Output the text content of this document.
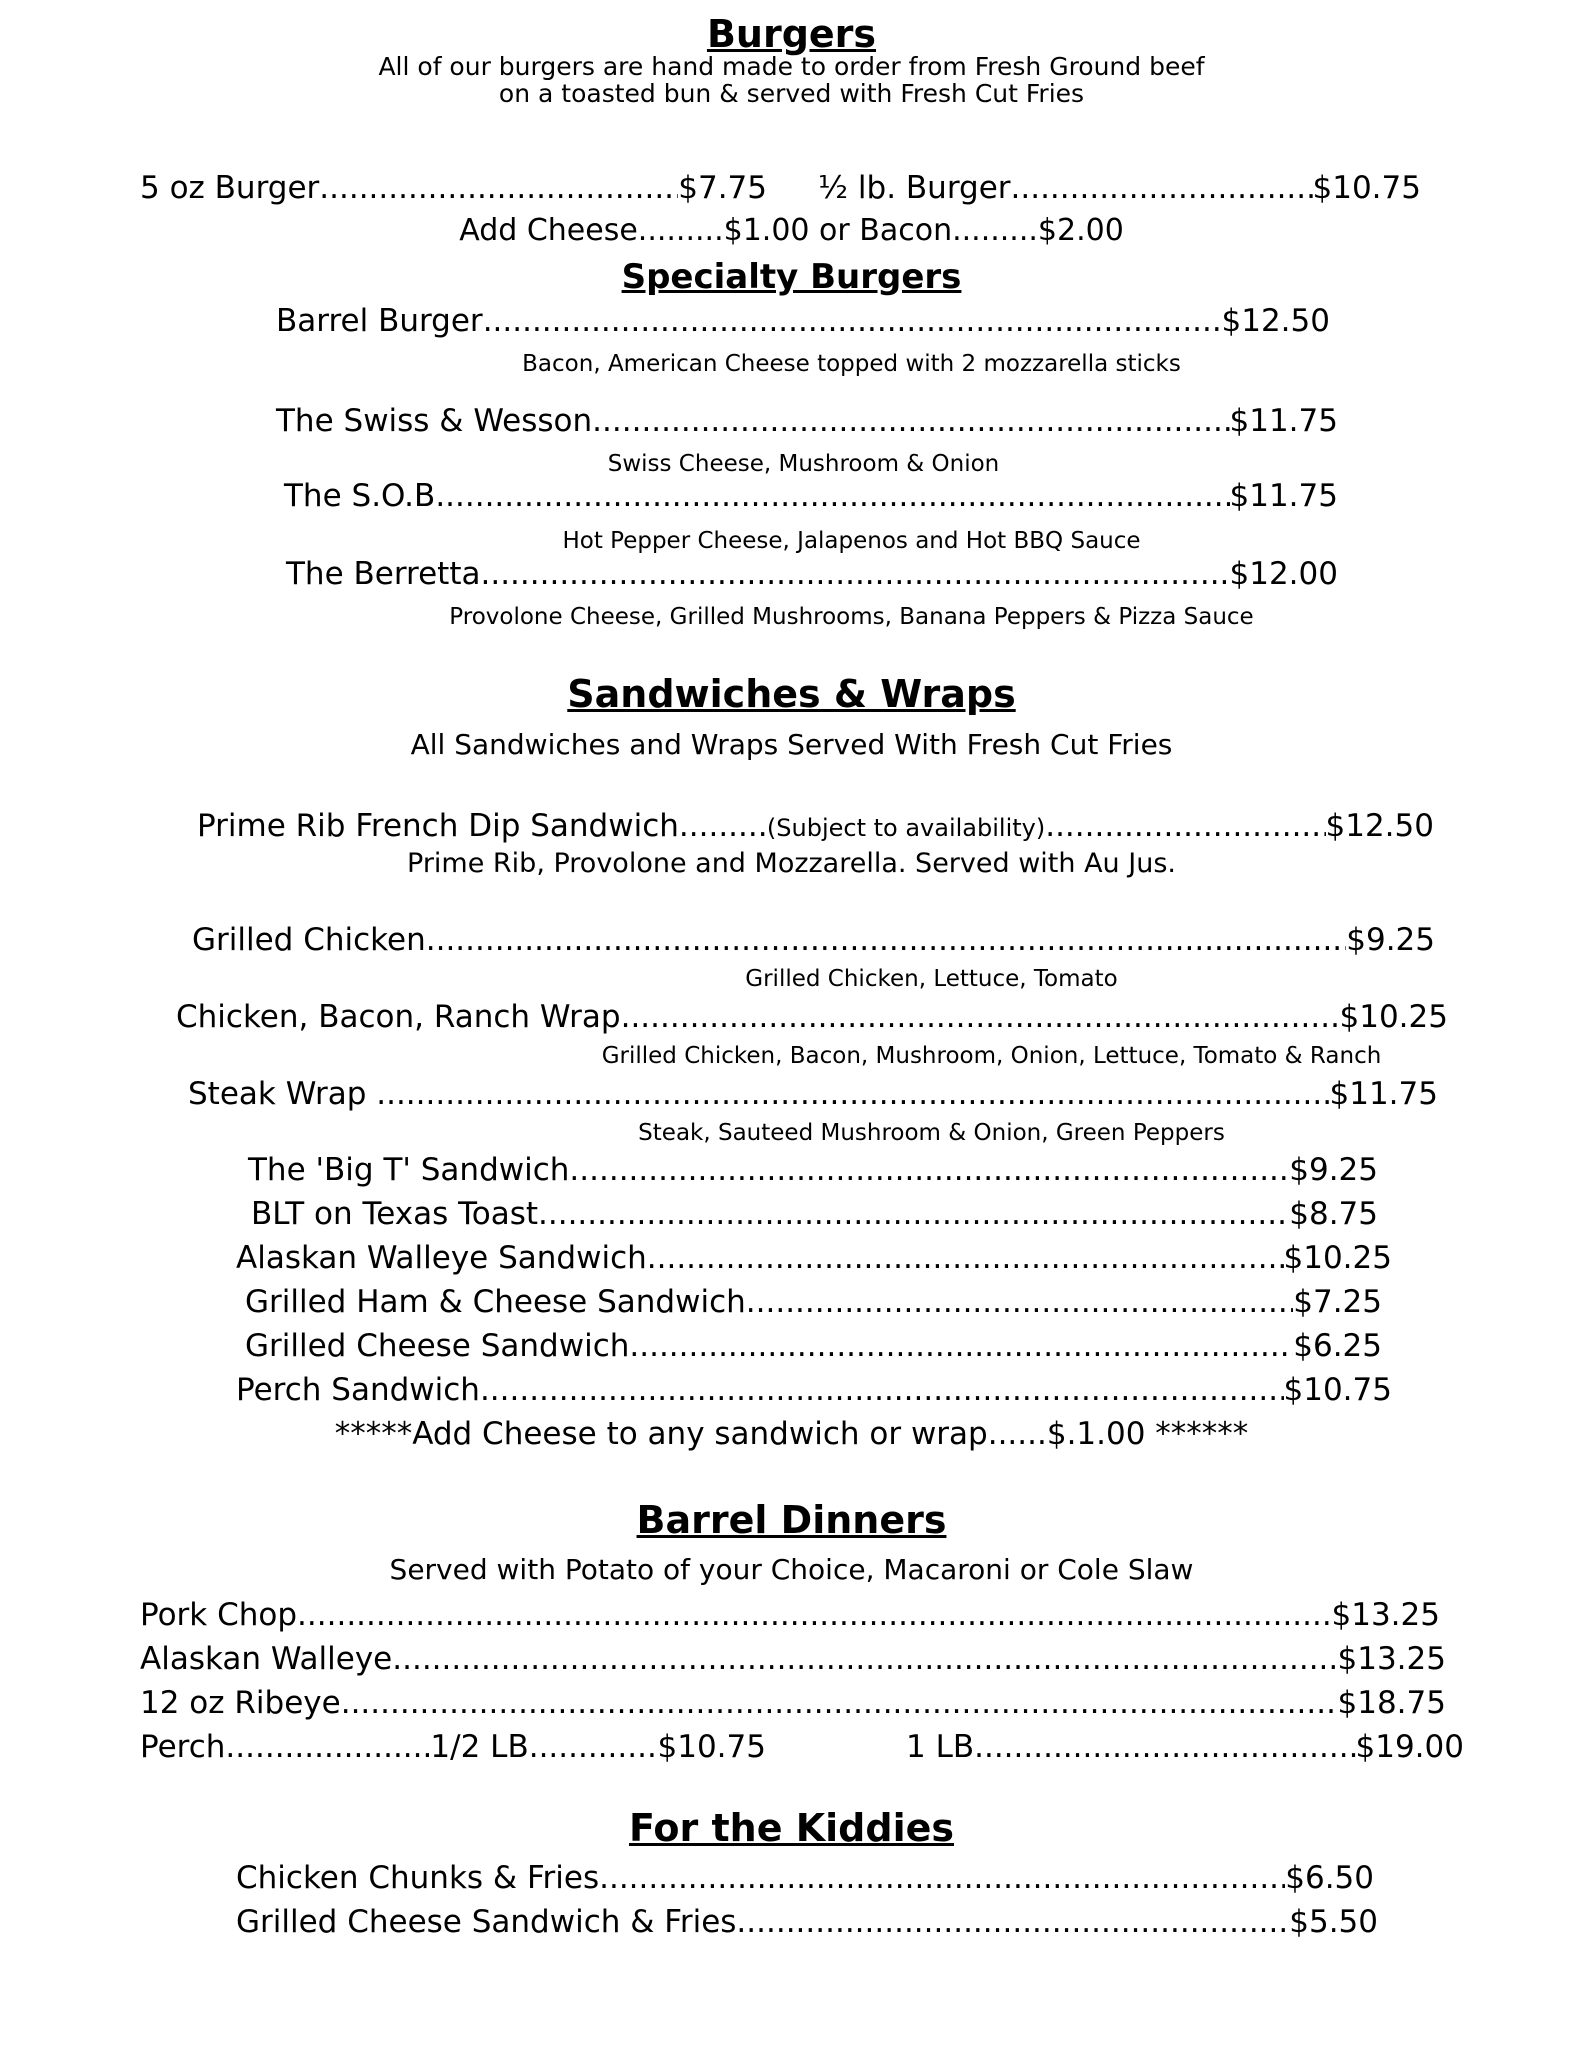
Burgers
All of our burgers are hand made to order from Fresh Ground beef
on a toasted bun & served with Fresh Cut Fries
5 oz Burger .....	$7.75 ½ lb. Burger .....	$10.75
Add Cheese.........$1.00 or Bacon.........$2.00
Specialty Burgers
Barrel Burger .....	$12.50
Bacon, American Cheese topped with 2 mozzarella sticks
The Swiss & Wesson .....	$11.75
Swiss Cheese, Mushroom & Onion
The S.O.B .....	$11.75
Hot Pepper Cheese, Jalapenos and Hot BBQ Sauce
The Berretta .....	$12.00
Provolone Cheese, Grilled Mushrooms, Banana Peppers & Pizza Sauce
Sandwiches & Wraps
All Sandwiches and Wraps Served With Fresh Cut Fries
Prime Rib French Dip Sandwich .....	(Subject to availability) .....	$12.50
Prime Rib, Provolone and Mozzarella. Served with Au Jus.
Grilled Chicken .....	$9.25
Grilled Chicken, Lettuce, Tomato
Chicken, Bacon, Ranch Wrap .....	$10.25
Grilled Chicken, Bacon, Mushroom, Onion, Lettuce, Tomato & Ranch
Steak Wrap .....	$11.75
Steak, Sauteed Mushroom & Onion, Green Peppers
The 'Big T' Sandwich .....	$9.25
BLT on Texas Toast .....	$8.75
Alaskan Walleye Sandwich .....	$10.25
Grilled Ham & Cheese Sandwich .....	$7.25
Grilled Cheese Sandwich .....	$6.25
Perch Sandwich .....	$10.75
*****Add Cheese to any sandwich or wrap......$.1.00 ******
Barrel Dinners
Served with Potato of your Choice, Macaroni or Cole Slaw
Pork Chop .....	$13.25
Alaskan Walleye .....	$13.25
12 oz Ribeye .....	$18.75
Perch .....	1/2 LB .....	$10.75	1 LB .....	$19.00
For the Kiddies
Chicken Chunks & Fries .....	$6.50
Grilled Cheese Sandwich & Fries .....	$5.50
